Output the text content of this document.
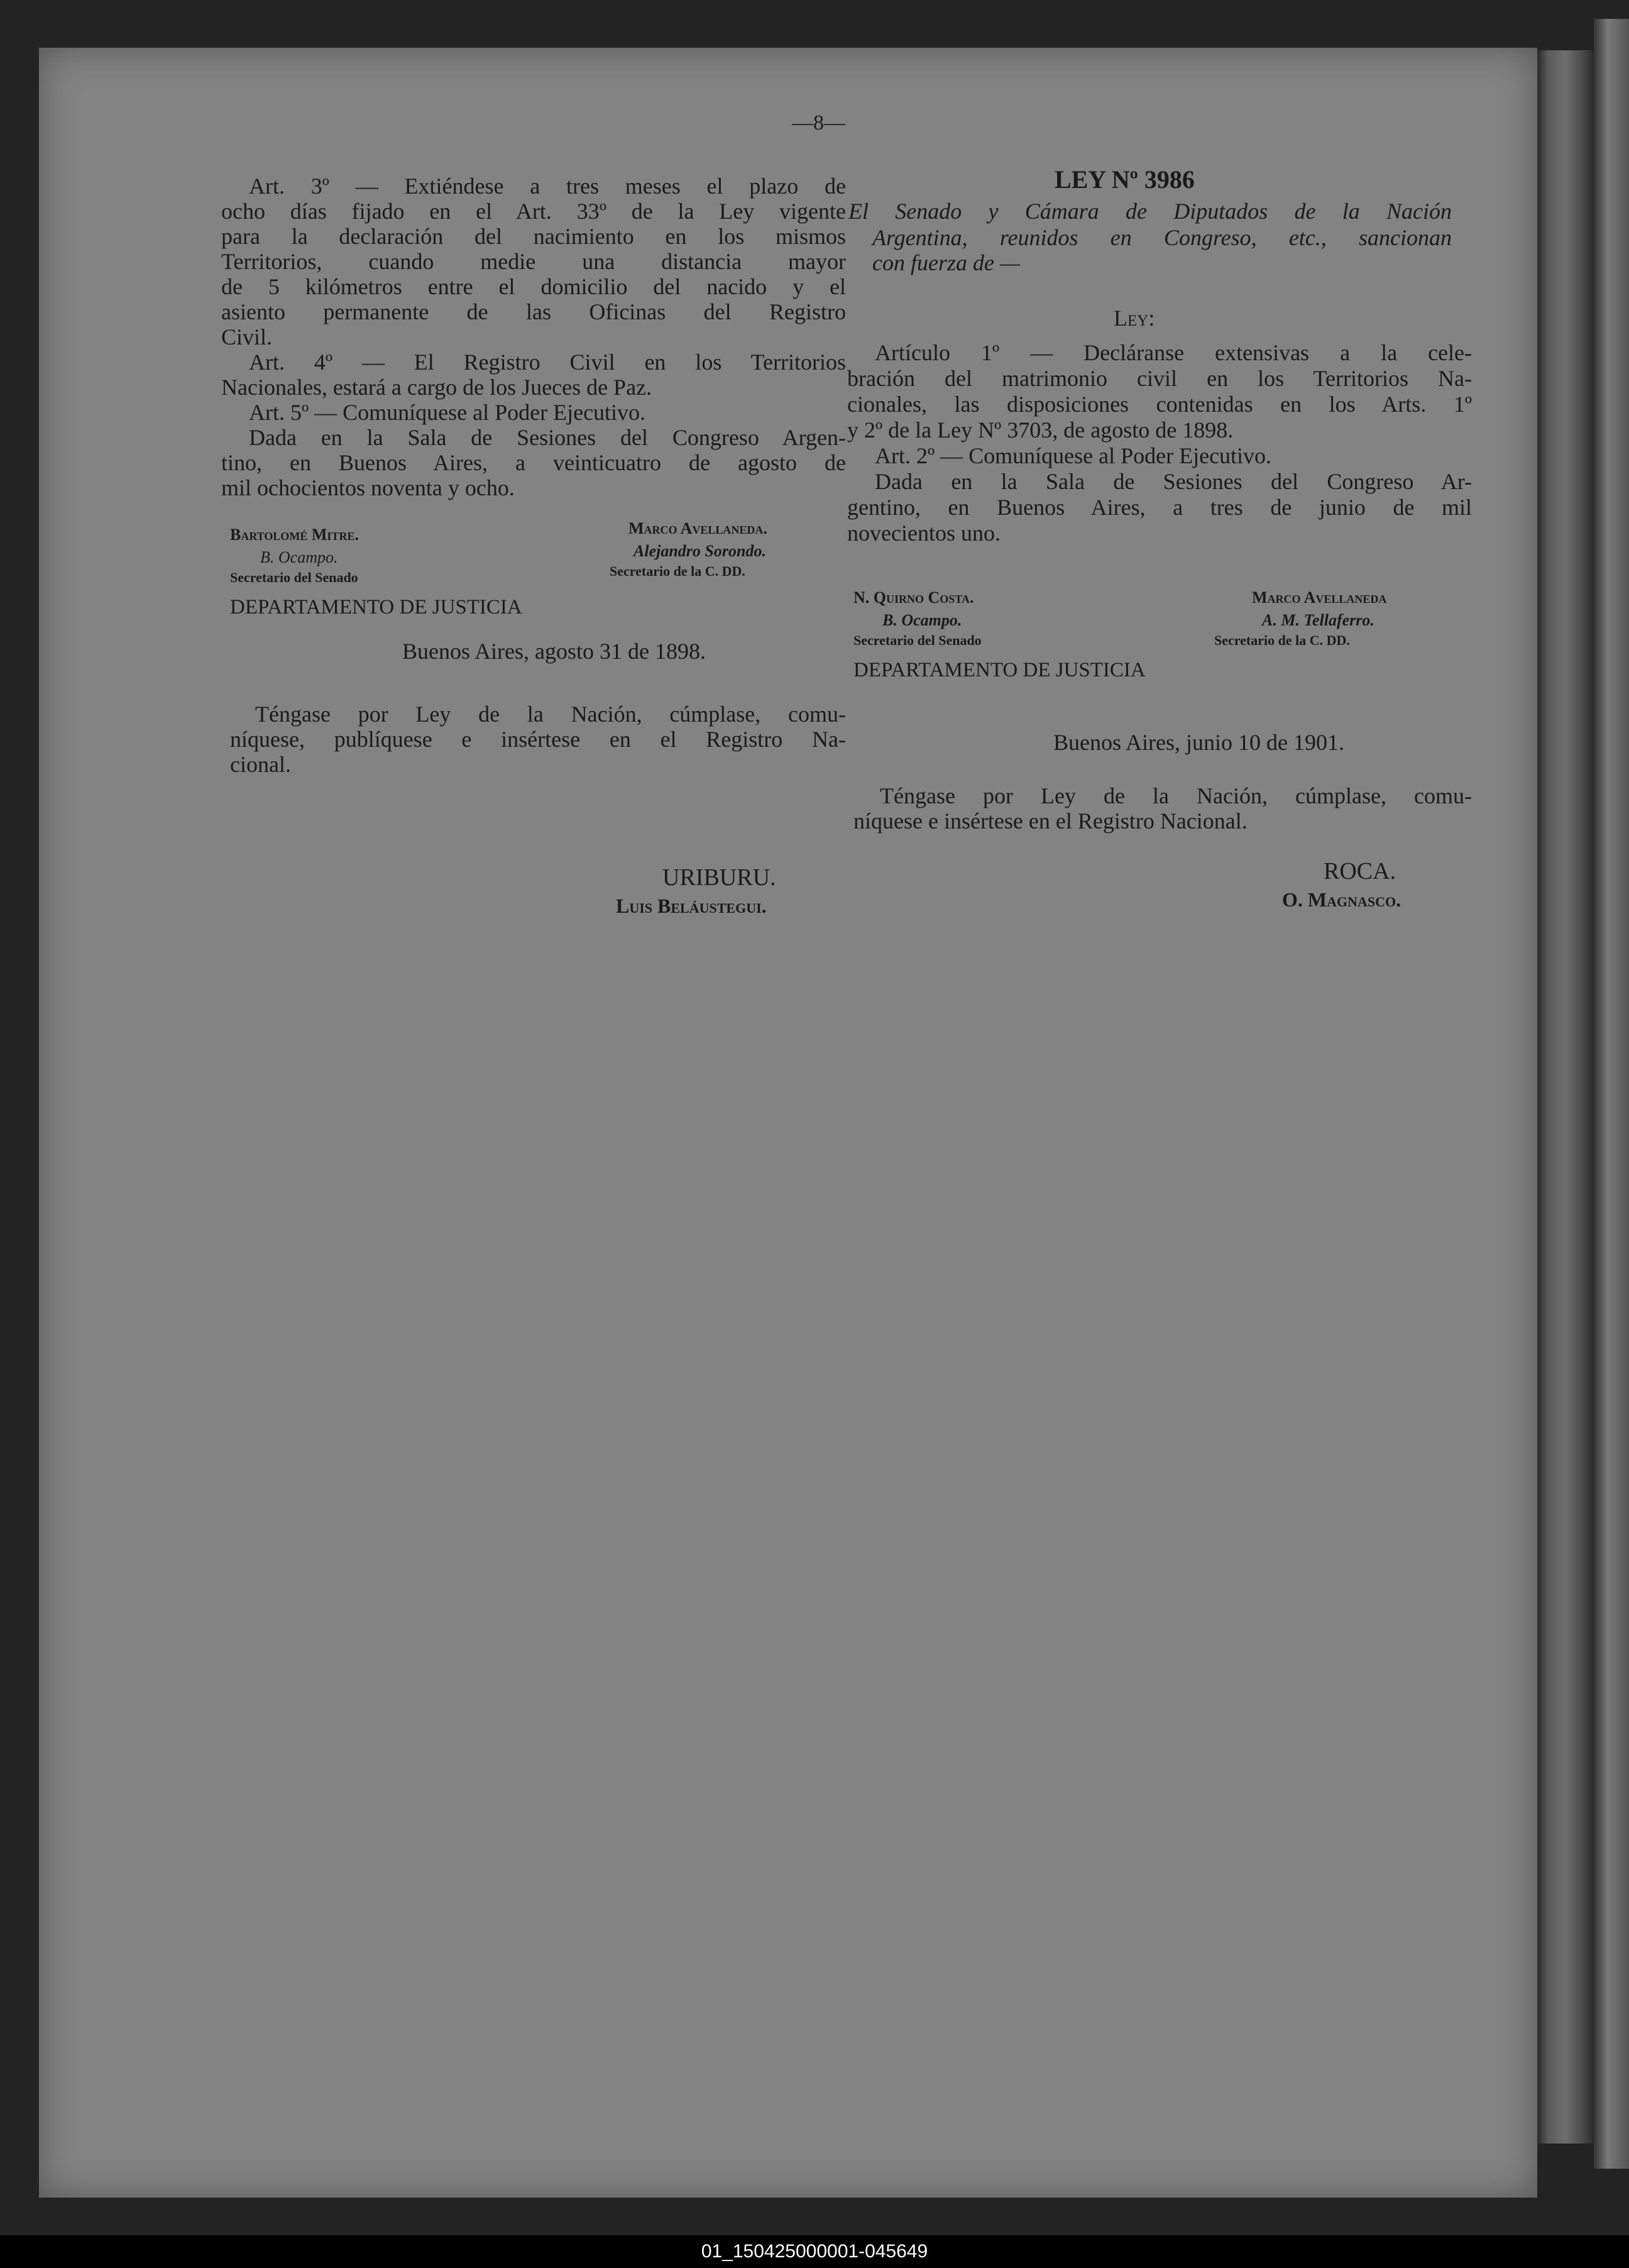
—8—
Art. 3º — Extiéndese a tres meses el plazo de
ocho días fijado en el Art. 33º de la Ley vigente
para la declaración del nacimiento en los mismos
Territorios, cuando medie una distancia mayor
de 5 kilómetros entre el domicilio del nacido y el
asiento permanente de las Oficinas del Registro
Civil.
Art. 4º — El Registro Civil en los Territorios
Nacionales, estará a cargo de los Jueces de Paz.
Art. 5º — Comuníquese al Poder Ejecutivo.
Dada en la Sala de Sesiones del Congreso Argen-
tino, en Buenos Aires, a veinticuatro de agosto de
mil ochocientos noventa y ocho.
Bartolomé Mitre.
B. Ocampo.
Secretario del Senado
Marco Avellaneda.
Alejandro Sorondo.
Secretario de la C. DD.
DEPARTAMENTO DE JUSTICIA
Buenos Aires, agosto 31 de 1898.
Téngase por Ley de la Nación, cúmplase, comu-
níquese, publíquese e insértese en el Registro Na-
cional.
URIBURU.
Luis Beláustegui.
LEY Nº 3986
El Senado y Cámara de Diputados de la Nación
Argentina, reunidos en Congreso, etc., sancionan
con fuerza de —
Ley:
Artículo 1º — Decláranse extensivas a la cele-
bración del matrimonio civil en los Territorios Na-
cionales, las disposiciones contenidas en los Arts. 1º
y 2º de la Ley Nº 3703, de agosto de 1898.
Art. 2º — Comuníquese al Poder Ejecutivo.
Dada en la Sala de Sesiones del Congreso Ar-
gentino, en Buenos Aires, a tres de junio de mil
novecientos uno.
N. Quirno Costa.
B. Ocampo.
Secretario del Senado
Marco Avellaneda
A. M. Tellaferro.
Secretario de la C. DD.
DEPARTAMENTO DE JUSTICIA
Buenos Aires, junio 10 de 1901.
Téngase por Ley de la Nación, cúmplase, comu-
níquese e insértese en el Registro Nacional.
ROCA.
O. Magnasco.
01_150425000001-045649
